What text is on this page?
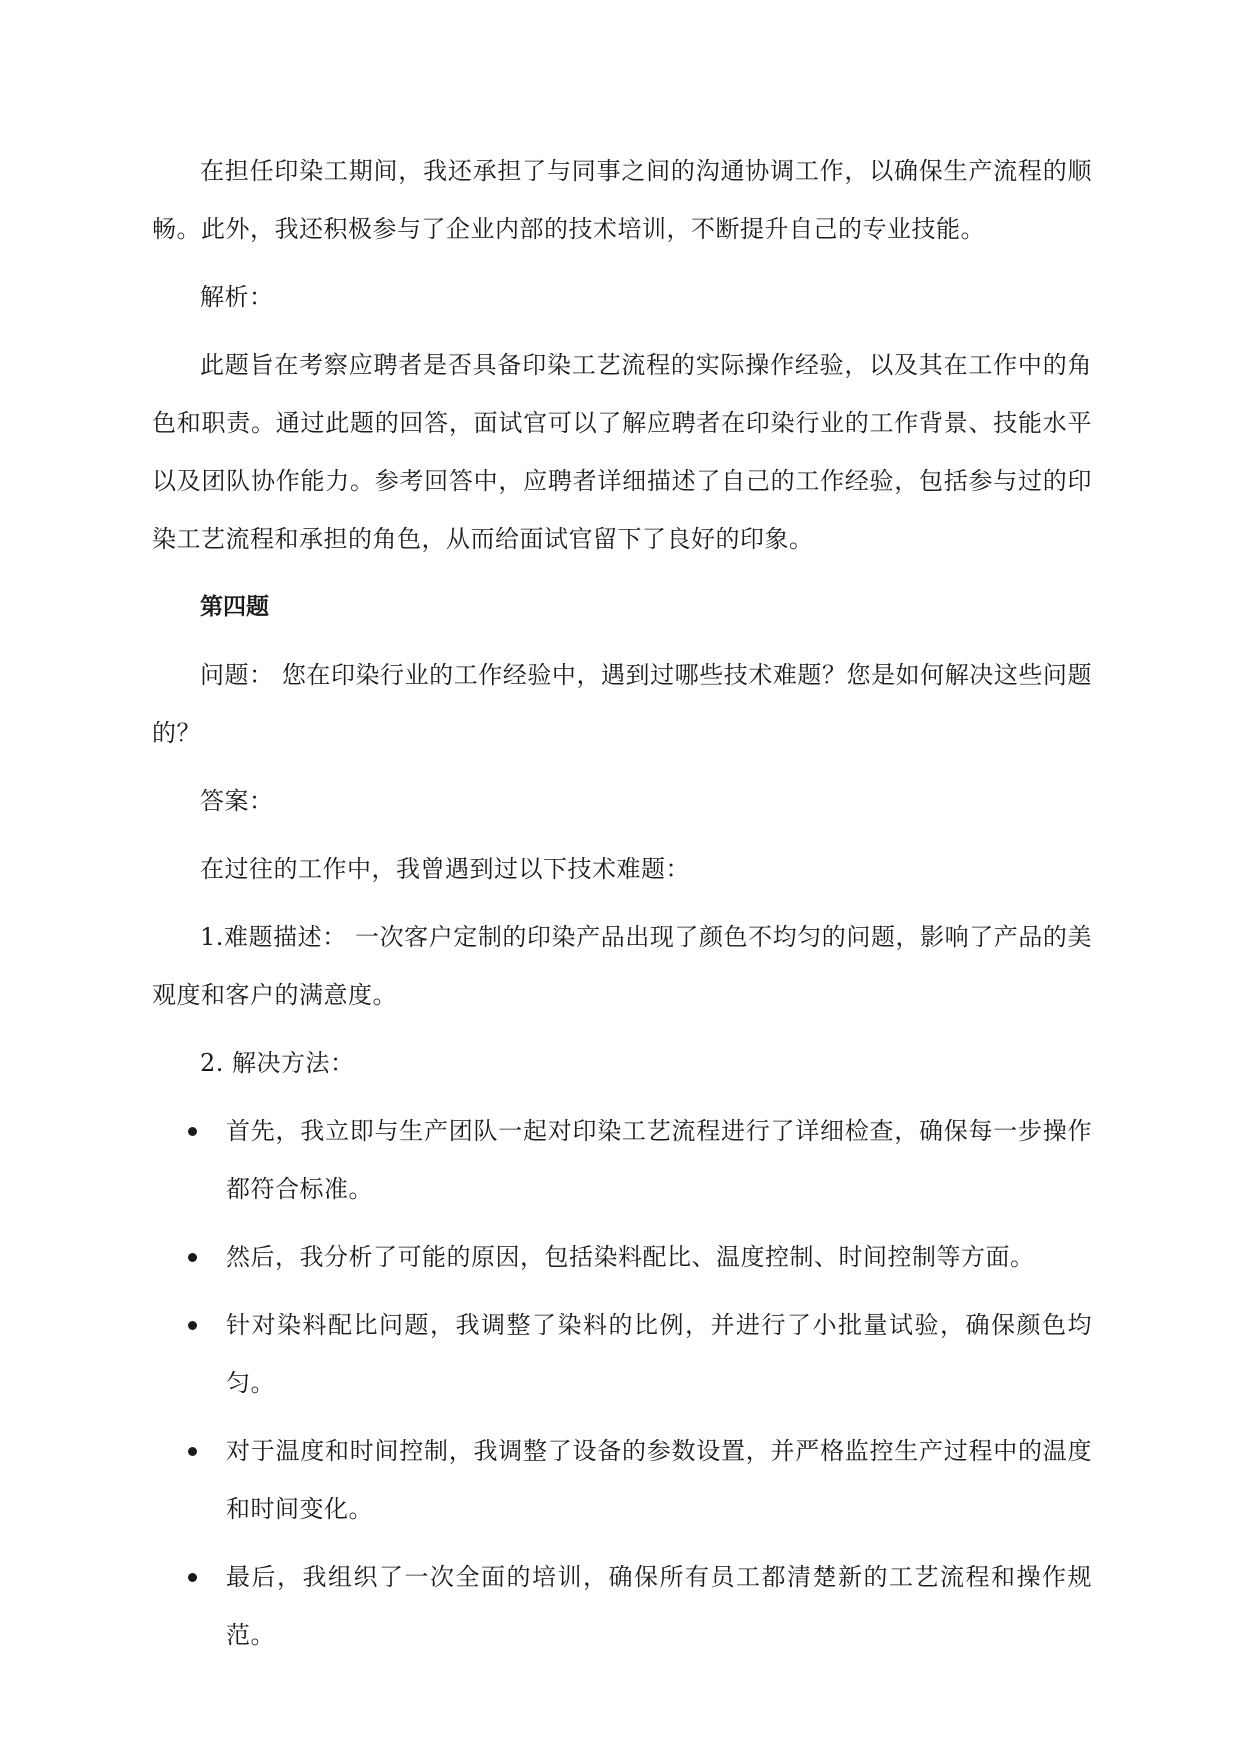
在担任印染工期间，我还承担了与同事之间的沟通协调工作，以确保生产流程的顺畅。此外，我还积极参与了企业内部的技术培训，不断提升自己的专业技能。

解析：

此题旨在考察应聘者是否具备印染工艺流程的实际操作经验，以及其在工作中的角色和职责。通过此题的回答，面试官可以了解应聘者在印染行业的工作背景、技能水平以及团队协作能力。参考回答中，应聘者详细描述了自己的工作经验，包括参与过的印染工艺流程和承担的角色，从而给面试官留下了良好的印象。

第四题

问题： 您在印染行业的工作经验中，遇到过哪些技术难题？您是如何解决这些问题的？

答案：

在过往的工作中，我曾遇到过以下技术难题：

1.难题描述： 一次客户定制的印染产品出现了颜色不均匀的问题，影响了产品的美观度和客户的满意度。

2. 解决方法：

首先，我立即与生产团队一起对印染工艺流程进行了详细检查，确保每一步操作都符合标准。
然后，我分析了可能的原因，包括染料配比、温度控制、时间控制等方面。
针对染料配比问题，我调整了染料的比例，并进行了小批量试验，确保颜色均匀。
对于温度和时间控制，我调整了设备的参数设置，并严格监控生产过程中的温度和时间变化。
最后，我组织了一次全面的培训，确保所有员工都清楚新的工艺流程和操作规范。
